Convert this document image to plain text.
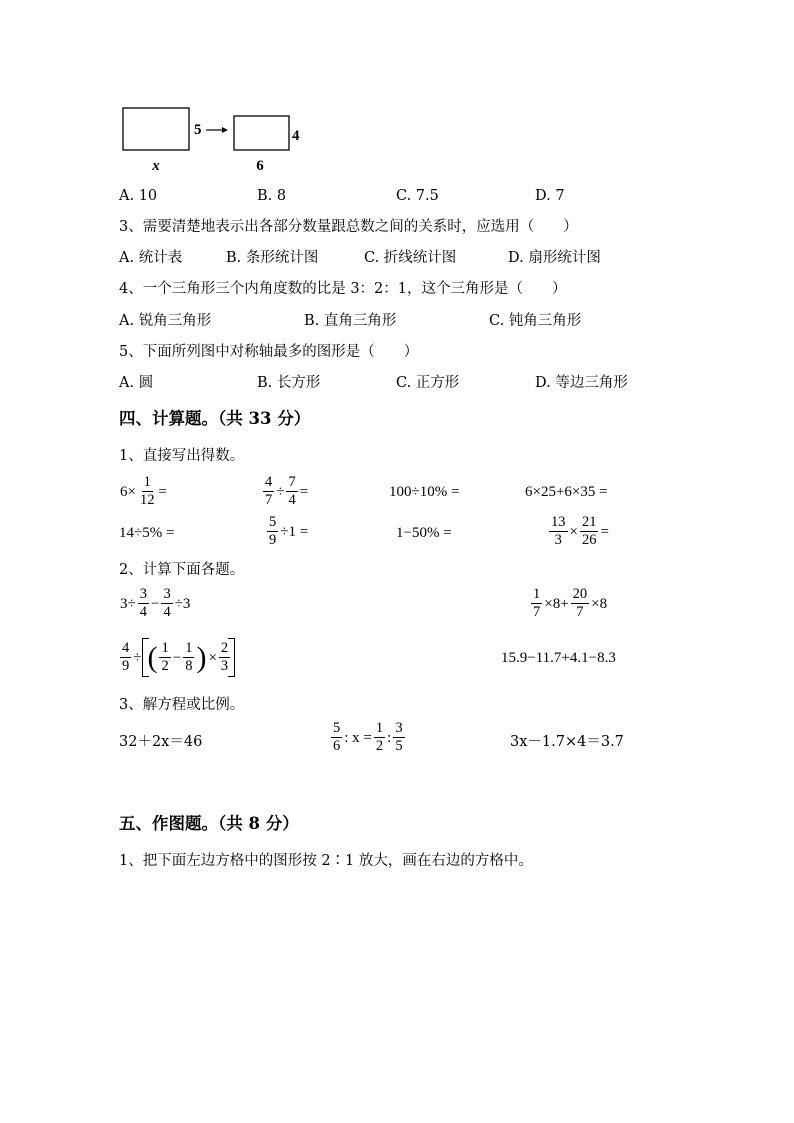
x
5	4
6
A. 10	B. 8	C. 7.5	D. 7
3、需要清楚地表示出各部分数量跟总数之间的关系时，应选用（　　）
A. 统计表	B. 条形统计图	C. 折线统计图	D. 扇形统计图
4、一个三角形三个内角度数的比是 3：2：1，这个三角形是（　　）
A. 锐角三角形	B. 直角三角形	C. 钝角三角形
5、下面所列图中对称轴最多的图形是（　　）
A. 圆	B. 长方形	C. 正方形	D. 等边三角形
四、计算题。（共 33 分）
1、直接写出得数。
$6\times \frac{1}{12}$ =	$\frac{4}{7} \div \frac{7}{4}$ =	100÷10% =	6×25+6×35 =
14÷5% =	$\frac{5}{9} \div 1$ =	1−50% =	$\frac{13}{3} \times \frac{21}{26}$ =
2、计算下面各题。
$3\div \frac{3}{4} - \frac{3}{4} \div 3$	$\frac{1}{7} \times 8+ \frac{20}{7} \times 8$
$\frac{4}{9}$ ÷ ( $\frac{1}{2} - \frac{1}{8}$ ) × $\frac{2}{3}$	15.9−11.7+4.1−8.3
3、解方程或比例。
32＋2x＝46	$\frac{5}{6}$ : $x = \frac{1}{2}$ : $\frac{3}{5}$	3x－1.7×4＝3.7
五、作图题。（共 8 分）
1、把下面左边方格中的图形按 2∶1 放大，画在右边的方格中。
